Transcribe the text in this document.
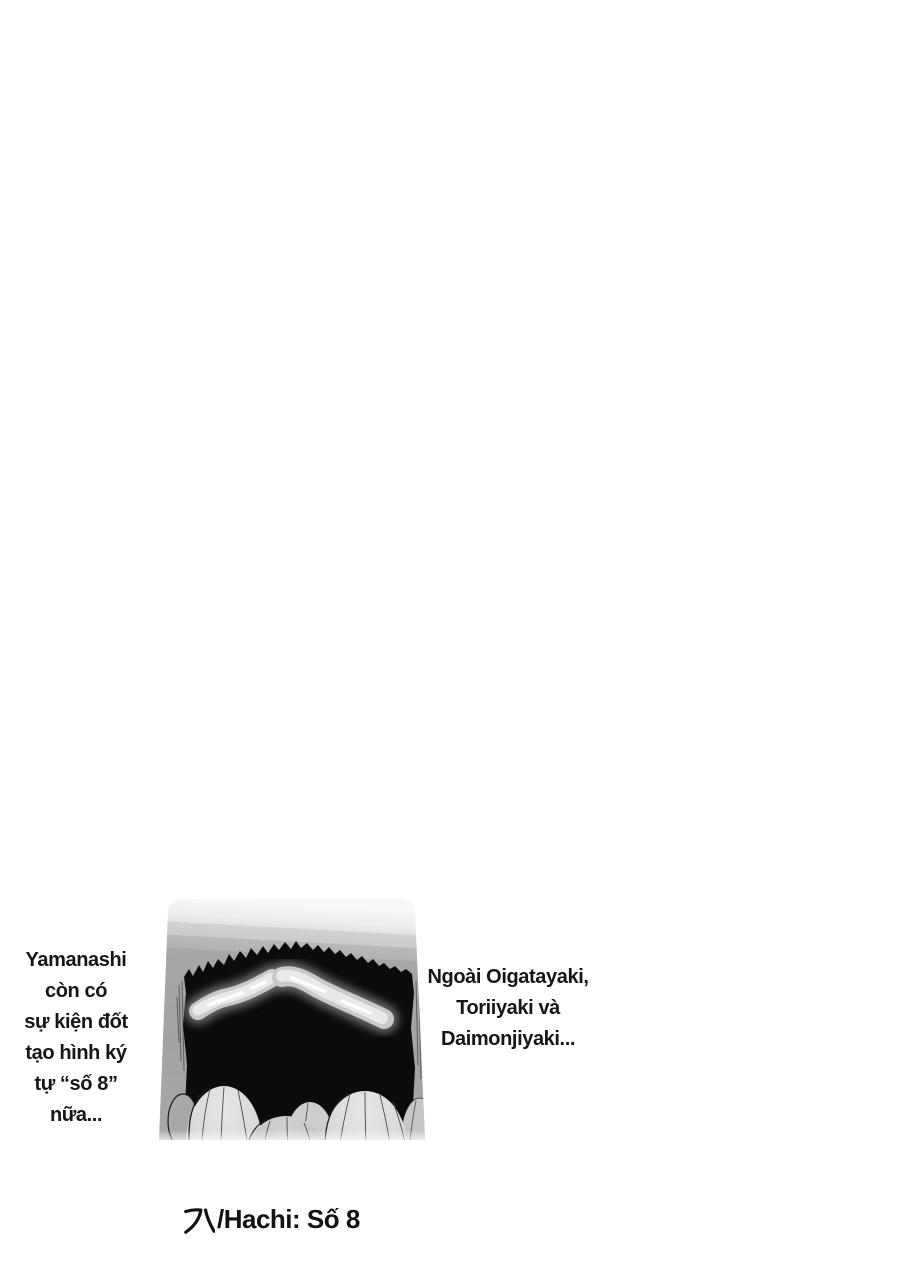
Yamanashi
còn có
sự kiện đốt
tạo hình ký
tự “số 8”
nữa...
Ngoài Oigatayaki,
Toriiyaki và
Daimonjiyaki...
/Hachi: Số 8
